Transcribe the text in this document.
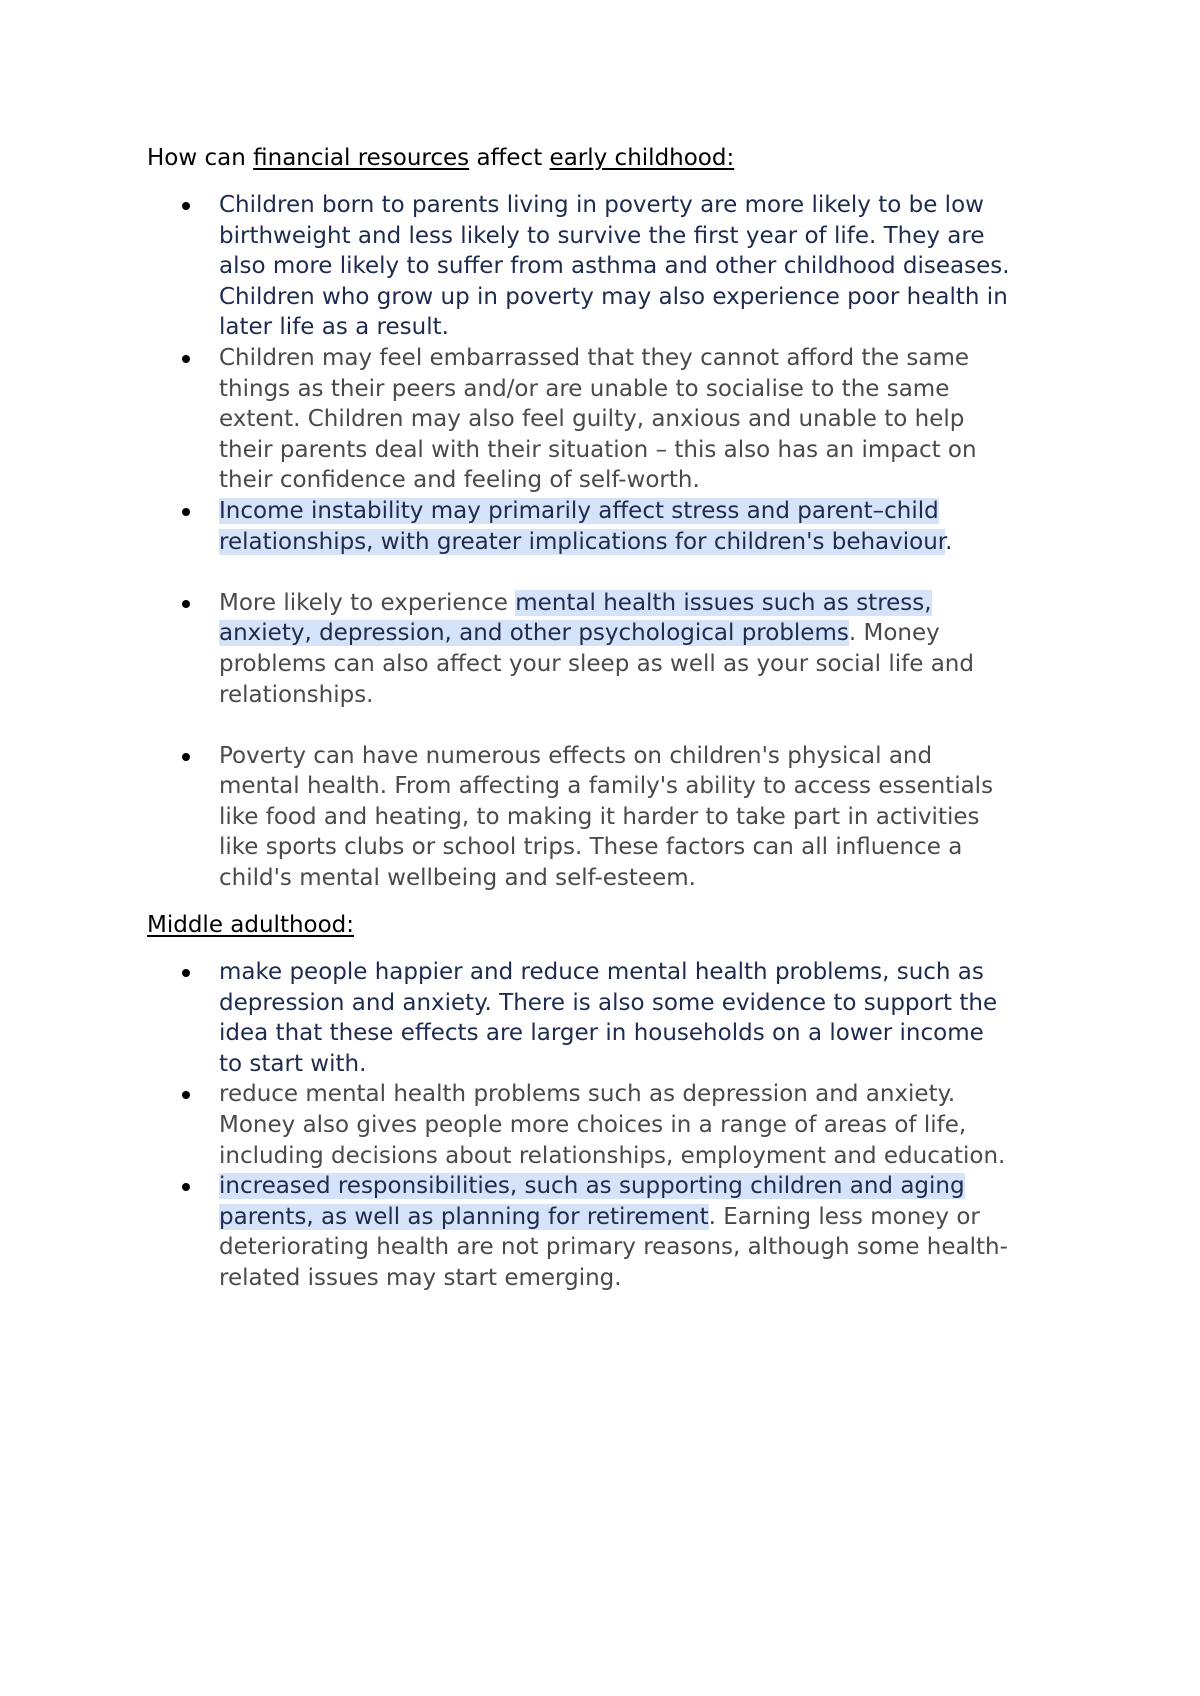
How can financial resources affect early childhood:
Children born to parents living in poverty are more likely to be low
birthweight and less likely to survive the first year of life. They are
also more likely to suffer from asthma and other childhood diseases.
Children who grow up in poverty may also experience poor health in
later life as a result.
Children may feel embarrassed that they cannot afford the same
things as their peers and/or are unable to socialise to the same
extent. Children may also feel guilty, anxious and unable to help
their parents deal with their situation – this also has an impact on
their confidence and feeling of self-worth.
Income instability may primarily affect stress and parent–child
relationships, with greater implications for children's behaviour.
More likely to experience mental health issues such as stress,
anxiety, depression, and other psychological problems. Money
problems can also affect your sleep as well as your social life and
relationships.
Poverty can have numerous effects on children's physical and
mental health. From affecting a family's ability to access essentials
like food and heating, to making it harder to take part in activities
like sports clubs or school trips. These factors can all influence a
child's mental wellbeing and self-esteem.
Middle adulthood:
make people happier and reduce mental health problems, such as
depression and anxiety. There is also some evidence to support the
idea that these effects are larger in households on a lower income
to start with.
reduce mental health problems such as depression and anxiety.
Money also gives people more choices in a range of areas of life,
including decisions about relationships, employment and education.
increased responsibilities, such as supporting children and aging
parents, as well as planning for retirement. Earning less money or
deteriorating health are not primary reasons, although some health-
related issues may start emerging.
